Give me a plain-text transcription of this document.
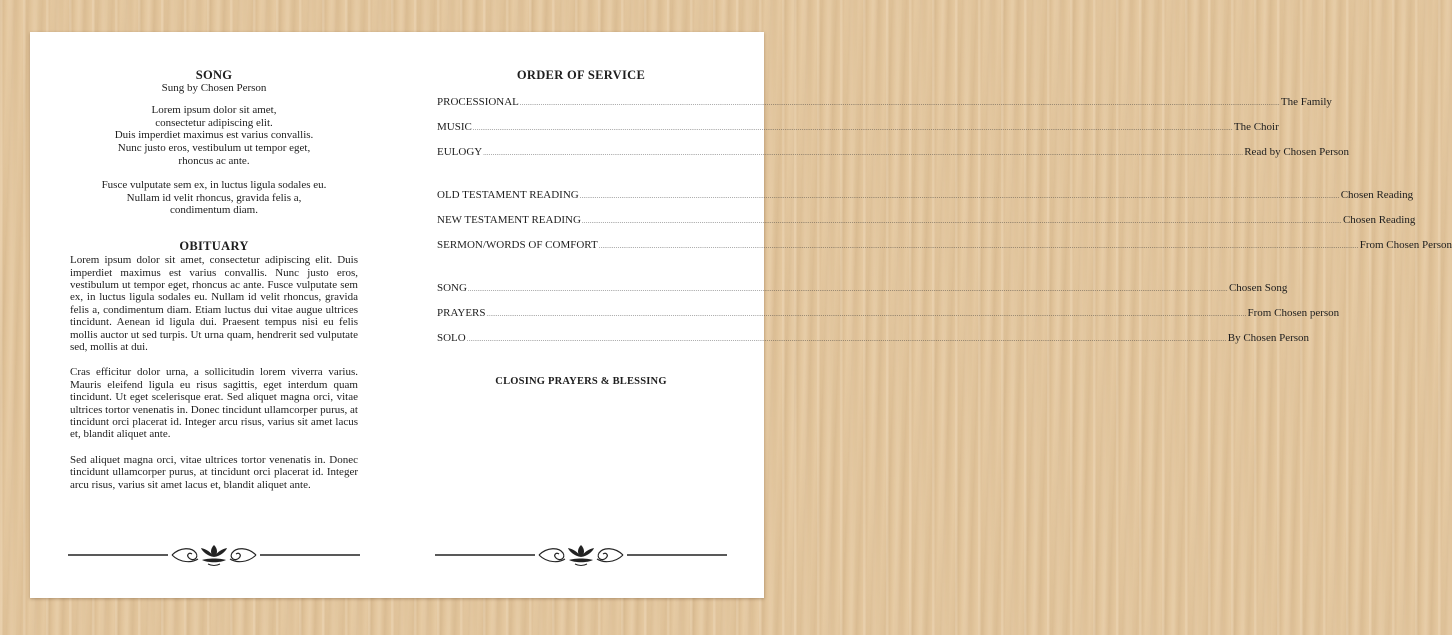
SONG
Sung by Chosen Person
Lorem ipsum dolor sit amet,
consectetur adipiscing elit.
Duis imperdiet maximus est varius convallis.
Nunc justo eros, vestibulum ut tempor eget,
rhoncus ac ante.
Fusce vulputate sem ex, in luctus ligula sodales eu.
Nullam id velit rhoncus, gravida felis a,
condimentum diam.
OBITUARY

Lorem ipsum dolor sit amet, consectetur adipiscing elit. Duis imperdiet maximus est varius convallis. Nunc justo eros, vestibulum ut tempor eget, rhoncus ac ante. Fusce vulputate sem ex, in luctus ligula sodales eu. Nullam id velit rhoncus, gravida felis a, condimentum diam. Etiam luctus dui vitae augue ultrices tincidunt. Aenean id ligula dui. Praesent tempus nisi eu felis mollis auctor ut sed turpis. Ut urna quam, hendrerit sed vulputate sed, mollis at dui.

Cras efficitur dolor urna, a sollicitudin lorem viverra varius. Mauris eleifend ligula eu risus sagittis, eget interdum quam tincidunt. Ut eget scelerisque erat. Sed aliquet magna orci, vitae ultrices tortor venenatis in. Donec tincidunt ullamcorper purus, at tincidunt orci placerat id. Integer arcu risus, varius sit amet lacus et, blandit aliquet ante.

Sed aliquet magna orci, vitae ultrices tortor venenatis in. Donec tincidunt ullamcorper purus, at tincidunt orci placerat id. Integer arcu risus, varius sit amet lacus et, blandit aliquet ante.

ORDER OF SERVICE
PROCESSIONAL ................................................................................................................................................................................................................................................................................................................................................................................................................ The Family
MUSIC ................................................................................................................................................................................................................................................................................................................................................................................................................ The Choir
EULOGY ................................................................................................................................................................................................................................................................................................................................................................................................................ Read by Chosen Person
OLD TESTAMENT READING ................................................................................................................................................................................................................................................................................................................................................................................................................ Chosen Reading
NEW TESTAMENT READING ................................................................................................................................................................................................................................................................................................................................................................................................................ Chosen Reading
SERMON/WORDS OF COMFORT ................................................................................................................................................................................................................................................................................................................................................................................................................ From Chosen Person
SONG ................................................................................................................................................................................................................................................................................................................................................................................................................ Chosen Song
PRAYERS ................................................................................................................................................................................................................................................................................................................................................................................................................ From Chosen person
SOLO ................................................................................................................................................................................................................................................................................................................................................................................................................ By Chosen Person
CLOSING PRAYERS & BLESSING
